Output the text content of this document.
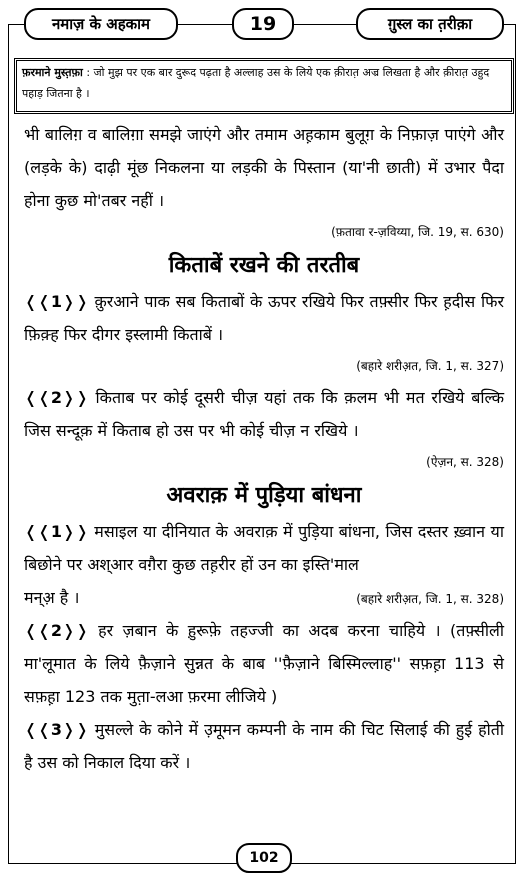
नमाज़ के अहकाम	19	ग़ुस्ल का त़रीक़ा
फ़रमाने मुस्त़फ़ा : जो मुझ पर एक बार दुरूद पढ़ता है अल्लाह उस के लिये एक क़ीरात़ अज्र लिखता है और क़ीरात़ उहुद पहाड़ जितना है ।
भी बालिग़ व बालिग़ा समझे जाएंगे और तमाम अह़काम बुलूग़ के निफ़ाज़ पाएंगे और (लड़के के) दाढ़ी मूंछ निकलना या लड़की के पिस्तान (या'नी छाती) में उभार पैदा होना कुछ मो'तबर नहीं ।
(फ़तावा र-ज़विय्या, जि. 19, स. 630)
किताबें रखने की तरतीब
❬❬1❭❭ क़ुरआने पाक सब किताबों के ऊपर रखिये फिर तफ़्सीर फिर ह़दीस फिर फ़िक़्ह फिर दीगर इस्लामी किताबें ।
(बहारे शरीअ़त, जि. 1, स. 327)
❬❬2❭❭ किताब पर कोई दूसरी चीज़ यहां तक कि क़लम भी मत रखिये बल्कि जिस सन्दूक़ में किताब हो उस पर भी कोई चीज़ न रखिये ।
(ऐज़न, स. 328)
अवराक़ में पुड़िया बांधना
❬❬1❭❭ मसाइल या दीनियात के अवराक़ में पुड़िया बांधना, जिस दस्तर ख़्वान या बिछोने पर अश्आर वग़ैरा कुछ तह़रीर हों उन का इस्ति'माल
मन्अ़ है ।	(बहारे शरीअ़त, जि. 1, स. 328)
❬❬2❭❭ हर ज़बान के ह़ुरूफ़े तहज्जी का अदब करना चाहिये । (तफ़्सीली मा'लूमात के लिये फ़ैज़ाने सुन्नत के बाब ''फ़ैज़ाने बिस्मिल्लाह'' सफ़ह़ा 113 से सफ़ह़ा 123 तक मुत़ा-लआ फ़रमा लीजिये )
❬❬3❭❭ मुसल्ले के कोने में उ़मूमन कम्पनी के नाम की चिट सिलाई की हुई होती है उस को निकाल दिया करें ।
102
